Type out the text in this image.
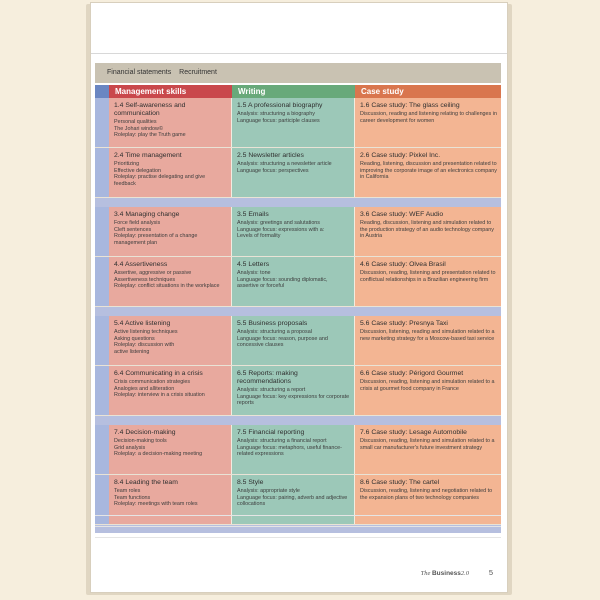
Financial statements Recruitment
Management skills	Writing	Case study
1.4 Self-awareness and communication
Personal qualities
The Johari window©
Roleplay: play the Truth game
1.5 A professional biography
Analysis: structuring a biography
Language focus: participle clauses
1.6 Case study: The glass ceiling
Discussion, reading and listening relating to challenges in career development for women
2.4 Time management
Prioritizing
Effective delegation
Roleplay: practise delegating and give feedback
2.5 Newsletter articles
Analysis: structuring a newsletter article
Language focus: perspectives
2.6 Case study: Pixkel Inc.
Reading, listening, discussion and presentation related to improving the corporate image of an electronics company in California
3.4 Managing change
Force field analysis
Cleft sentences
Roleplay: presentation of a change management plan
3.5 Emails
Analysis: greetings and salutations
Language focus: expressions with a:
Levels of formality
3.6 Case study: WEF Audio
Reading, discussion, listening and simulation related to the production strategy of an audio technology company in Austria
4.4 Assertiveness
Assertive, aggressive or passive
Assertiveness techniques
Roleplay: conflict situations in the workplace
4.5 Letters
Analysis: tone
Language focus: sounding diplomatic, assertive or forceful
4.6 Case study: Olvea Brasil
Discussion, reading, listening and presentation related to conflictual relationships in a Brazilian engineering firm
5.4 Active listening
Active listening techniques
Asking questions
Roleplay: discussion with
active listening
5.5 Business proposals
Analysis: structuring a proposal
Language focus: reason, purpose and concessive clauses
5.6 Case study: Presnya Taxi
Discussion, listening, reading and simulation related to a new marketing strategy for a Moscow-based taxi service
6.4 Communicating in a crisis
Crisis communication strategies
Analogies and alliteration
Roleplay: interview in a crisis situation
6.5 Reports: making recommendations
Analysis: structuring a report
Language focus: key expressions for corporate reports
6.6 Case study: Périgord Gourmet
Discussion, reading, listening and simulation related to a crisis at gourmet food company in France
7.4 Decision-making
Decision-making tools
Grid analysis
Roleplay: a decision-making meeting
7.5 Financial reporting
Analysis: structuring a financial report
Language focus: metaphors, useful finance-related expressions
7.6 Case study: Lesage Automobile
Discussion, reading, listening and simulation related to a small car manufacturer's future investment strategy
8.4 Leading the team
Team roles
Team functions
Roleplay: meetings with team roles
8.5 Style
Analysis: appropriate style
Language focus: pairing, adverb and adjective collocations
8.6 Case study: The cartel
Discussion, reading, listening and negotiation related to the expansion plans of two technology companies
The Business2.0	5
